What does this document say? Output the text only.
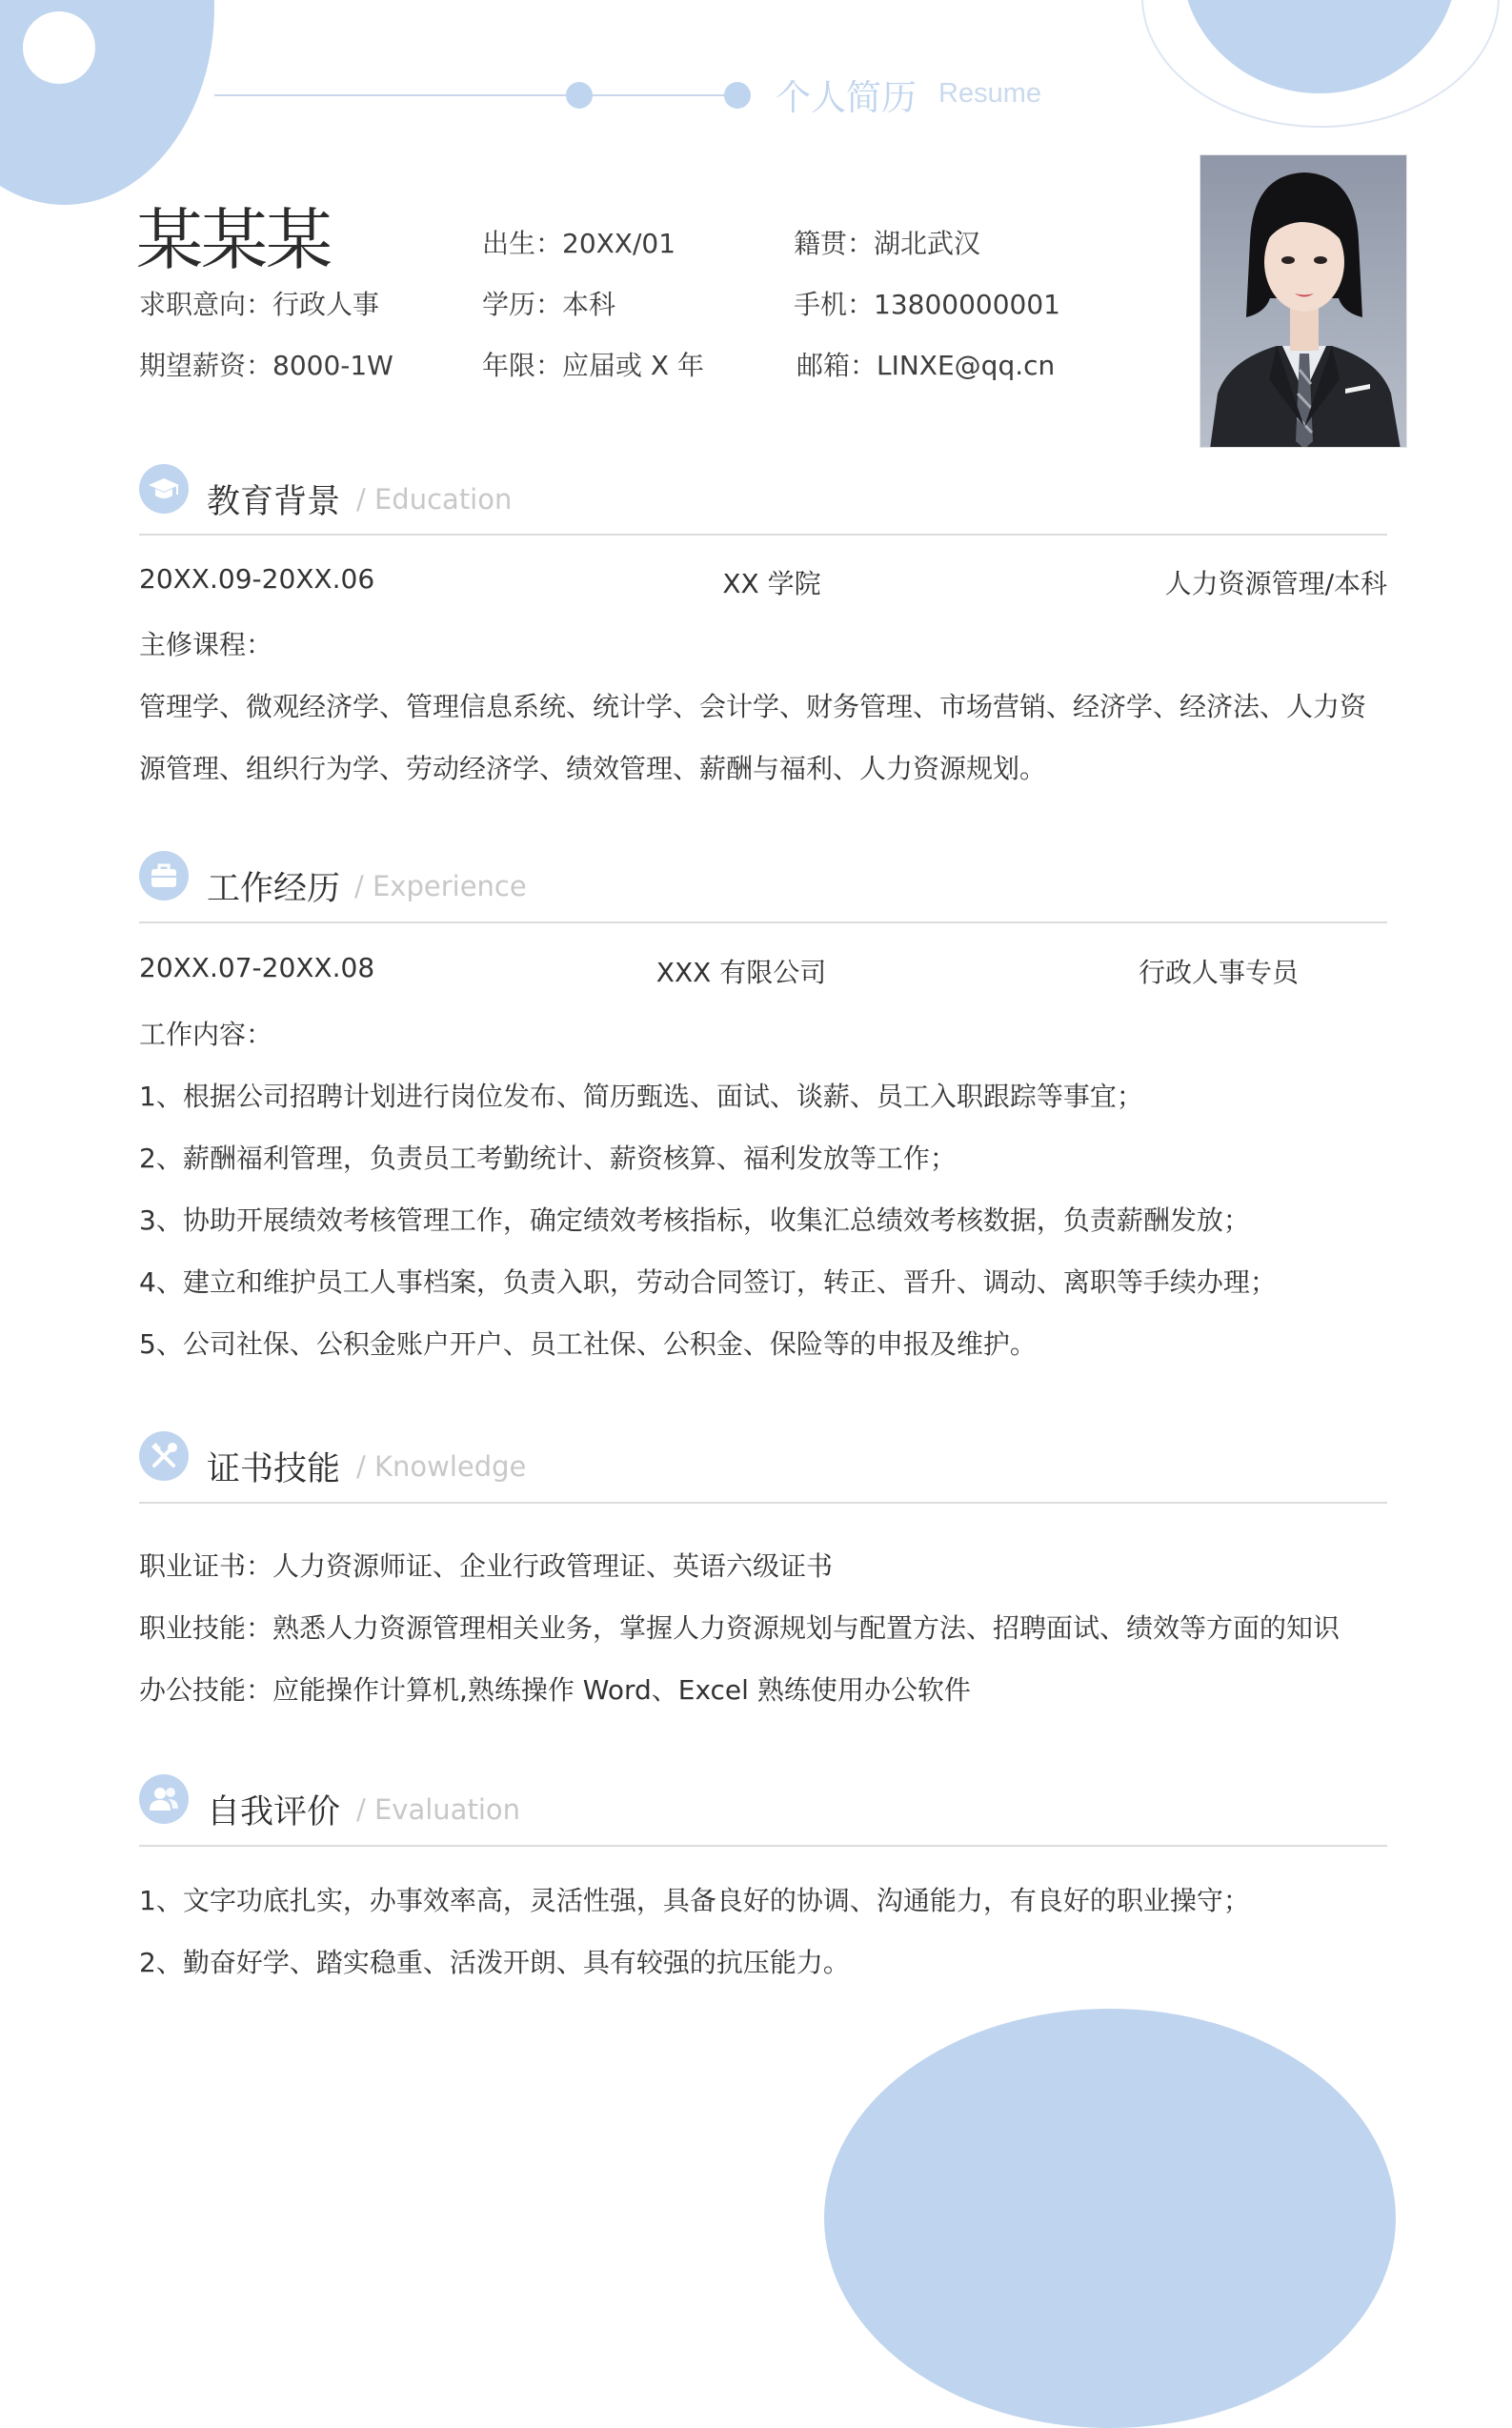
个人简历 Resume
某某某	出生：20XX/01	籍贯：湖北武汉
求职意向：行政人事	学历：本科	手机：13800000001
期望薪资：8000-1W	年限：应届或 X 年	邮箱：LINXE@qq.cn
教育背景 / Education
20XX.09-20XX.06	XX 学院	人力资源管理/本科
主修课程：
管理学、微观经济学、管理信息系统、统计学、会计学、财务管理、市场营销、经济学、经济法、人力资
源管理、组织行为学、劳动经济学、绩效管理、薪酬与福利、人力资源规划。
工作经历 / Experience
20XX.07-20XX.08	XXX 有限公司	行政人事专员
工作内容：
1、根据公司招聘计划进行岗位发布、简历甄选、面试、谈薪、员工入职跟踪等事宜；
2、薪酬福利管理，负责员工考勤统计、薪资核算、福利发放等工作；
3、协助开展绩效考核管理工作，确定绩效考核指标，收集汇总绩效考核数据，负责薪酬发放；
4、建立和维护员工人事档案，负责入职，劳动合同签订，转正、晋升、调动、离职等手续办理；
5、公司社保、公积金账户开户、员工社保、公积金、保险等的申报及维护。
证书技能 / Knowledge
职业证书：人力资源师证、企业行政管理证、英语六级证书
职业技能：熟悉人力资源管理相关业务，掌握人力资源规划与配置方法、招聘面试、绩效等方面的知识
办公技能：应能操作计算机,熟练操作 Word、Excel 熟练使用办公软件
自我评价 / Evaluation
1、文字功底扎实，办事效率高，灵活性强，具备良好的协调、沟通能力，有良好的职业操守；
2、勤奋好学、踏实稳重、活泼开朗、具有较强的抗压能力。
